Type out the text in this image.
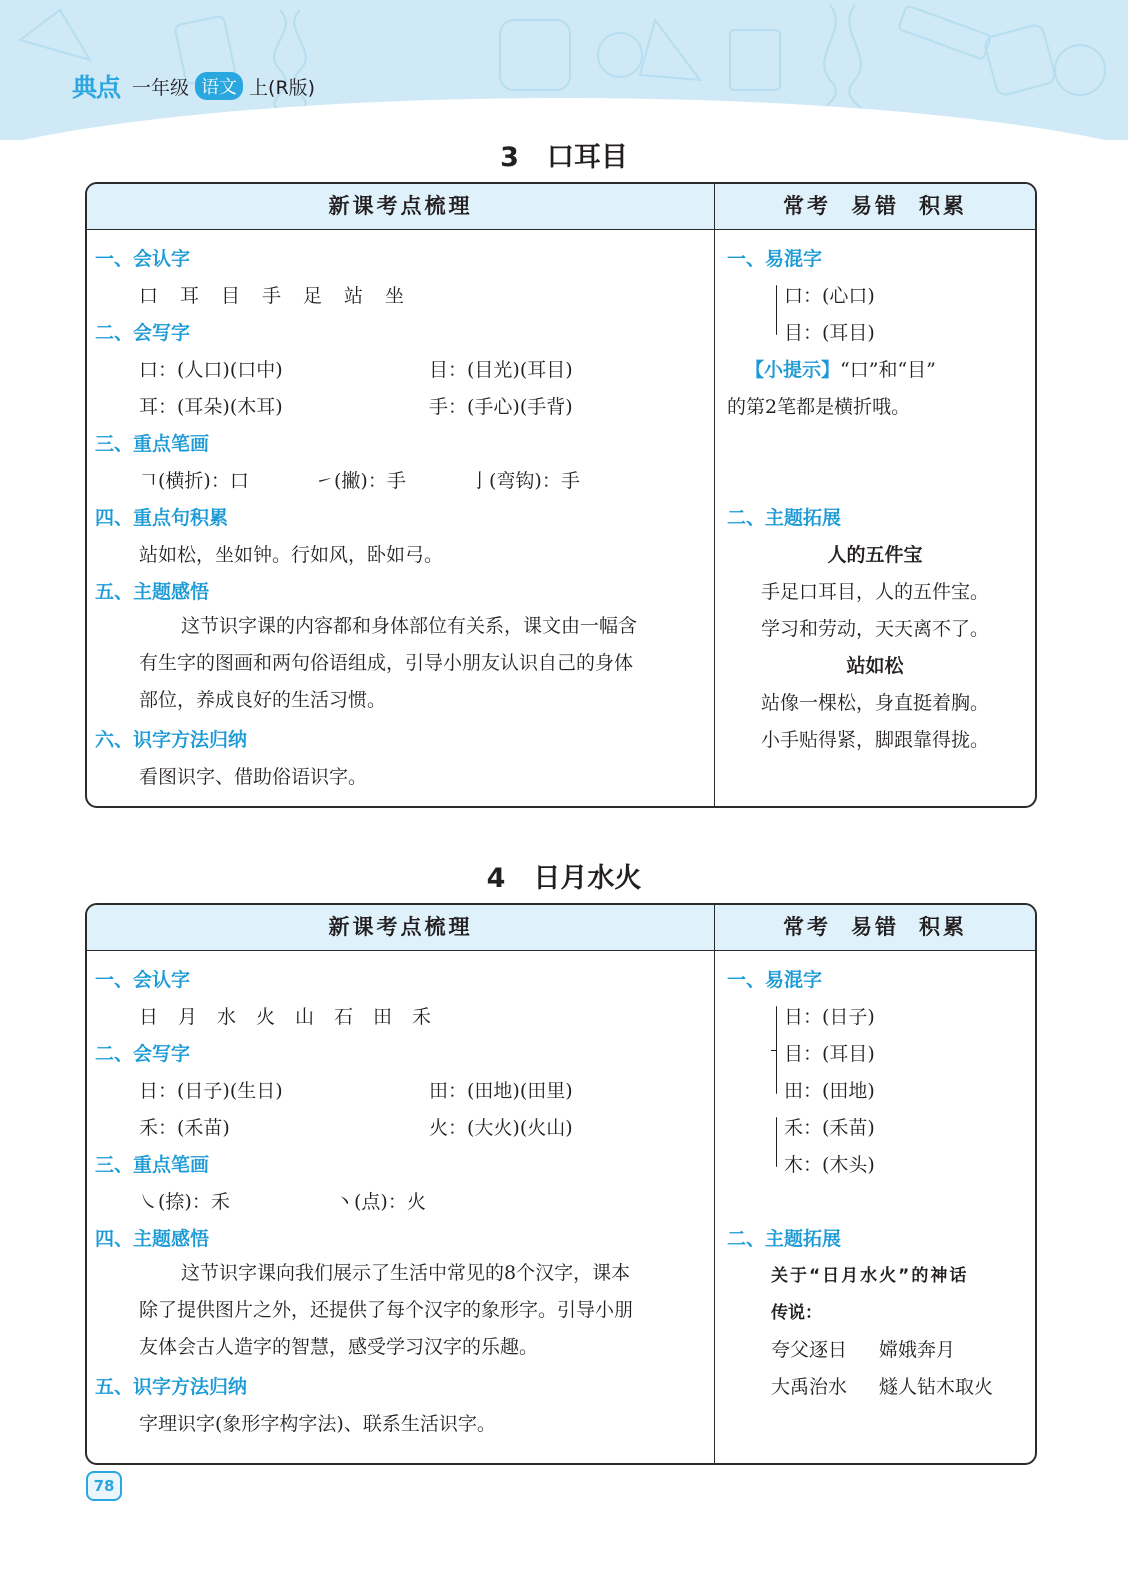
典点 一年级 语文 上(R版)
3 口耳目
新课考点梳理	常考 易错 积累
一、会认字
口耳目手足站坐
二、会写字
口：(人口)(口中)	目：(目光)(耳目)
耳：(耳朵)(木耳)	手：(手心)(手背)
三、重点笔画
𠃍(横折)：口	㇀(撇)：手	亅(弯钩)：手
四、重点句积累
站如松，坐如钟。行如风，卧如弓。
五、主题感悟

这节识字课的内容都和身体部位有关系，课文由一幅含

有生字的图画和两句俗语组成，引导小朋友认识自己的身体

部位，养成良好的生活习惯。

六、识字方法归纳
看图识字、借助俗语识字。
一、易混字
口：(心口)
目：(耳目)
【小提示】“口”和“目”
的第2笔都是横折哦。
二、主题拓展
人的五件宝
手足口耳目，人的五件宝。
学习和劳动，天天离不了。
站如松
站像一棵松，身直挺着胸。
小手贴得紧，脚跟靠得拢。
4 日月水火
新课考点梳理	常考 易错 积累
一、会认字
日月水火山石田禾
二、会写字
日：(日子)(生日)	田：(田地)(田里)
禾：(禾苗)	火：(大火)(火山)
三、重点笔画
㇏(捺)：禾	丶(点)：火
四、主题感悟

这节识字课向我们展示了生活中常见的8个汉字，课本

除了提供图片之外，还提供了每个汉字的象形字。引导小朋

友体会古人造字的智慧，感受学习汉字的乐趣。

五、识字方法归纳
字理识字(象形字构字法)、联系生活识字。
一、易混字
日：(日子)
目：(耳目)
田：(田地)
禾：(禾苗)
木：(木头)
二、主题拓展
关于“日月水火”的神话
传说：
夸父逐日 嫦娥奔月
大禹治水 燧人钻木取火
78
